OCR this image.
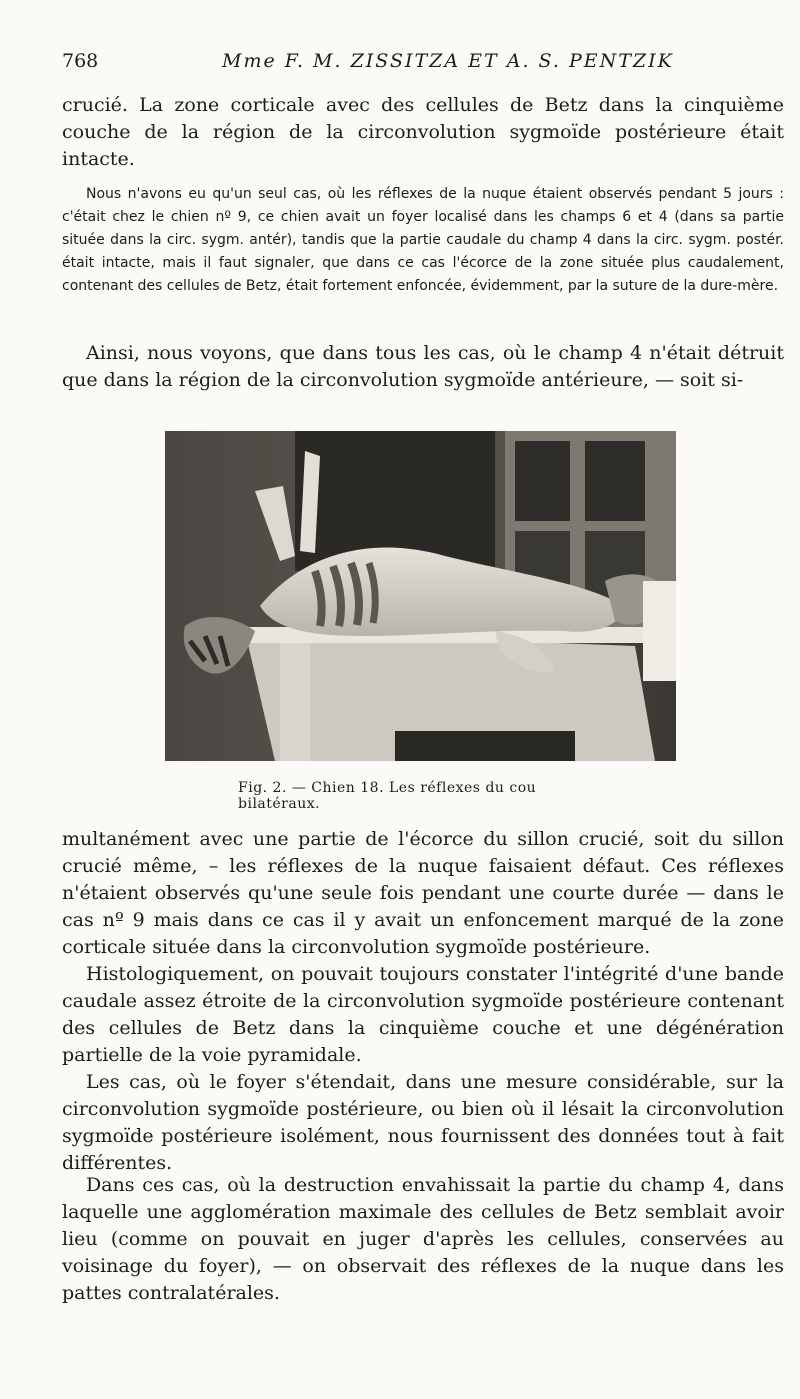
768	Mme F. M. ZISSITZA ET A. S. PENTZIK

crucié. La zone corticale avec des cellules de Betz dans la cinquième couche de la région de la circonvolution sygmoïde postérieure était intacte.

Nous n'avons eu qu'un seul cas, où les réflexes de la nuque étaient observés pendant 5 jours : c'était chez le chien nº 9, ce chien avait un foyer localisé dans les champs 6 et 4 (dans sa partie située dans la circ. sygm. antér), tandis que la partie caudale du champ 4 dans la circ. sygm. postér. était intacte, mais il faut signaler, que dans ce cas l'écorce de la zone située plus caudalement, contenant des cellules de Betz, était fortement enfoncée, évidemment, par la suture de la dure-mère.

Ainsi, nous voyons, que dans tous les cas, où le champ 4 n'était détruit que dans la région de la circonvolution sygmoïde antérieure, — soit si-

Fig. 2. — Chien 18. Les réflexes du cou bilatéraux.

multanément avec une partie de l'écorce du sillon crucié, soit du sillon crucié même, – les réflexes de la nuque faisaient défaut. Ces réflexes n'étaient observés qu'une seule fois pendant une courte durée — dans le cas nº 9 mais dans ce cas il y avait un enfoncement marqué de la zone corticale située dans la circonvolution sygmoïde postérieure.

Histologiquement, on pouvait toujours constater l'intégrité d'une bande caudale assez étroite de la circonvolution sygmoïde postérieure contenant des cellules de Betz dans la cinquième couche et une dégénération partielle de la voie pyramidale.

Les cas, où le foyer s'étendait, dans une mesure considérable, sur la circonvolution sygmoïde postérieure, ou bien où il lésait la circonvolution sygmoïde postérieure isolément, nous fournissent des données tout à fait différentes.

Dans ces cas, où la destruction envahissait la partie du champ 4, dans laquelle une agglomération maximale des cellules de Betz semblait avoir lieu (comme on pouvait en juger d'après les cellules, conservées au voisinage du foyer), — on observait des réflexes de la nuque dans les pattes contralatérales.
